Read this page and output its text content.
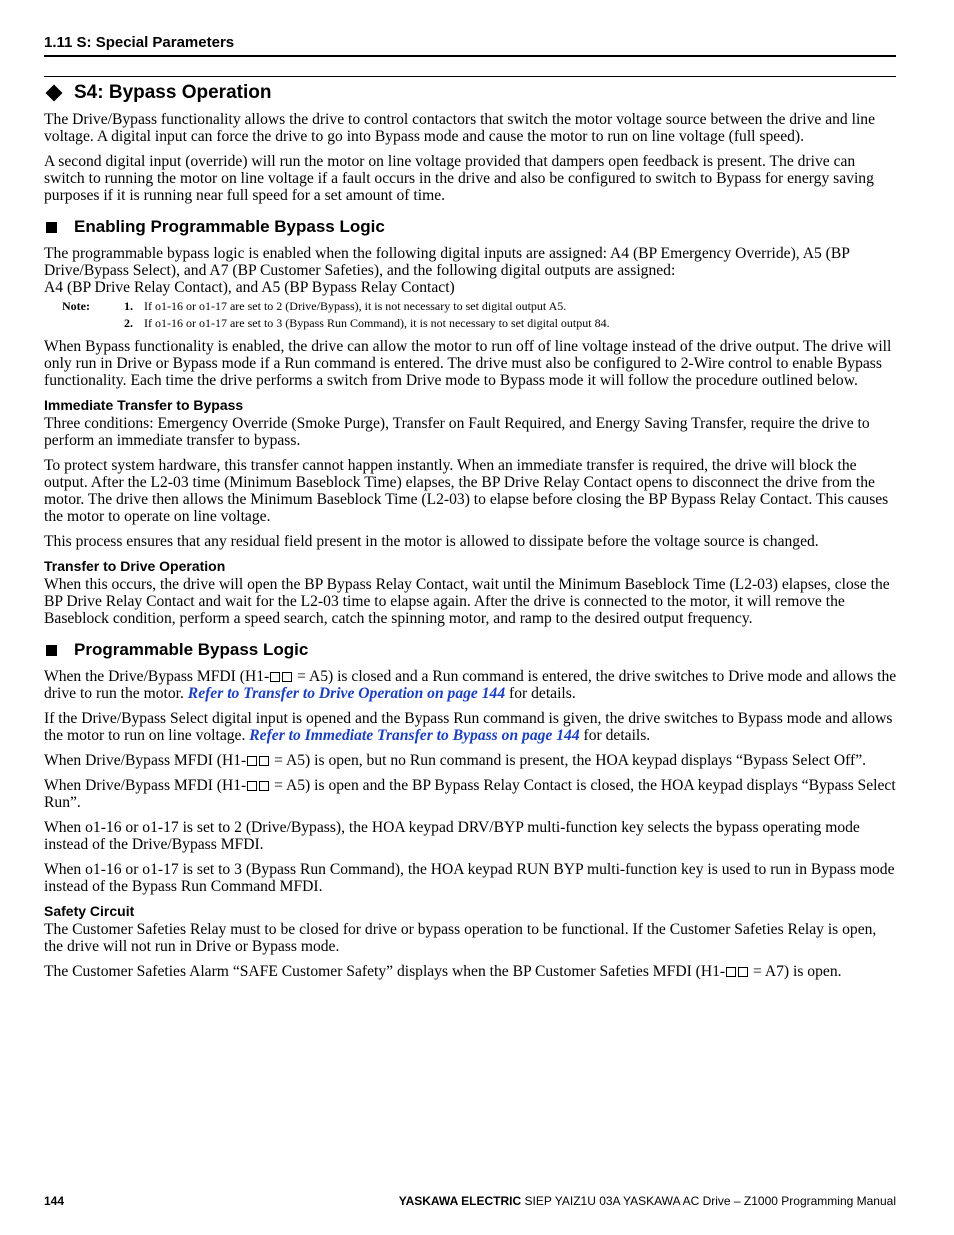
1.11 S: Special Parameters
S4: Bypass Operation

The Drive/Bypass functionality allows the drive to control contactors that switch the motor voltage source between the drive and line voltage. A digital input can force the drive to go into Bypass mode and cause the motor to run on line voltage (full speed).

A second digital input (override) will run the motor on line voltage provided that dampers open feedback is present. The drive can switch to running the motor on line voltage if a fault occurs in the drive and also be configured to switch to Bypass for energy saving purposes if it is running near full speed for a set amount of time.

Enabling Programmable Bypass Logic

The programmable bypass logic is enabled when the following digital inputs are assigned: A4 (BP Emergency Override), A5 (BP Drive/Bypass Select), and A7 (BP Customer Safeties), and the following digital outputs are assigned:
A4 (BP Drive Relay Contact), and A5 (BP Bypass Relay Contact)

Note:	1. If o1-16 or o1-17 are set to 2 (Drive/Bypass), it is not necessary to set digital output A5.
2. If o1-16 or o1-17 are set to 3 (Bypass Run Command), it is not necessary to set digital output 84.

When Bypass functionality is enabled, the drive can allow the motor to run off of line voltage instead of the drive output. The drive will only run in Drive or Bypass mode if a Run command is entered. The drive must also be configured to 2-Wire control to enable Bypass functionality. Each time the drive performs a switch from Drive mode to Bypass mode it will follow the procedure outlined below.

Immediate Transfer to Bypass

Three conditions: Emergency Override (Smoke Purge), Transfer on Fault Required, and Energy Saving Transfer, require the drive to perform an immediate transfer to bypass.

To protect system hardware, this transfer cannot happen instantly. When an immediate transfer is required, the drive will block the output. After the L2-03 time (Minimum Baseblock Time) elapses, the BP Drive Relay Contact opens to disconnect the drive from the motor. The drive then allows the Minimum Baseblock Time (L2-03) to elapse before closing the BP Bypass Relay Contact. This causes the motor to operate on line voltage.

This process ensures that any residual field present in the motor is allowed to dissipate before the voltage source is changed.

Transfer to Drive Operation

When this occurs, the drive will open the BP Bypass Relay Contact, wait until the Minimum Baseblock Time (L2-03) elapses, close the BP Drive Relay Contact and wait for the L2-03 time to elapse again. After the drive is connected to the motor, it will remove the Baseblock condition, perform a speed search, catch the spinning motor, and ramp to the desired output frequency.

Programmable Bypass Logic

When the Drive/Bypass MFDI (H1- = A5) is closed and a Run command is entered, the drive switches to Drive mode and allows the drive to run the motor. Refer to Transfer to Drive Operation on page 144 for details.

If the Drive/Bypass Select digital input is opened and the Bypass Run command is given, the drive switches to Bypass mode and allows the motor to run on line voltage. Refer to Immediate Transfer to Bypass on page 144 for details.

When Drive/Bypass MFDI (H1- = A5) is open, but no Run command is present, the HOA keypad displays “Bypass Select Off”.

When Drive/Bypass MFDI (H1- = A5) is open and the BP Bypass Relay Contact is closed, the HOA keypad displays “Bypass Select Run”.

When o1-16 or o1-17 is set to 2 (Drive/Bypass), the HOA keypad DRV/BYP multi-function key selects the bypass operating mode instead of the Drive/Bypass MFDI.

When o1-16 or o1-17 is set to 3 (Bypass Run Command), the HOA keypad RUN BYP multi-function key is used to run in Bypass mode instead of the Bypass Run Command MFDI.

Safety Circuit

The Customer Safeties Relay must to be closed for drive or bypass operation to be functional. If the Customer Safeties Relay is open, the drive will not run in Drive or Bypass mode.

The Customer Safeties Alarm “SAFE Customer Safety” displays when the BP Customer Safeties MFDI (H1- = A7) is open.

144	YASKAWA ELECTRIC SIEP YAIZ1U 03A YASKAWA AC Drive – Z1000 Programming Manual
